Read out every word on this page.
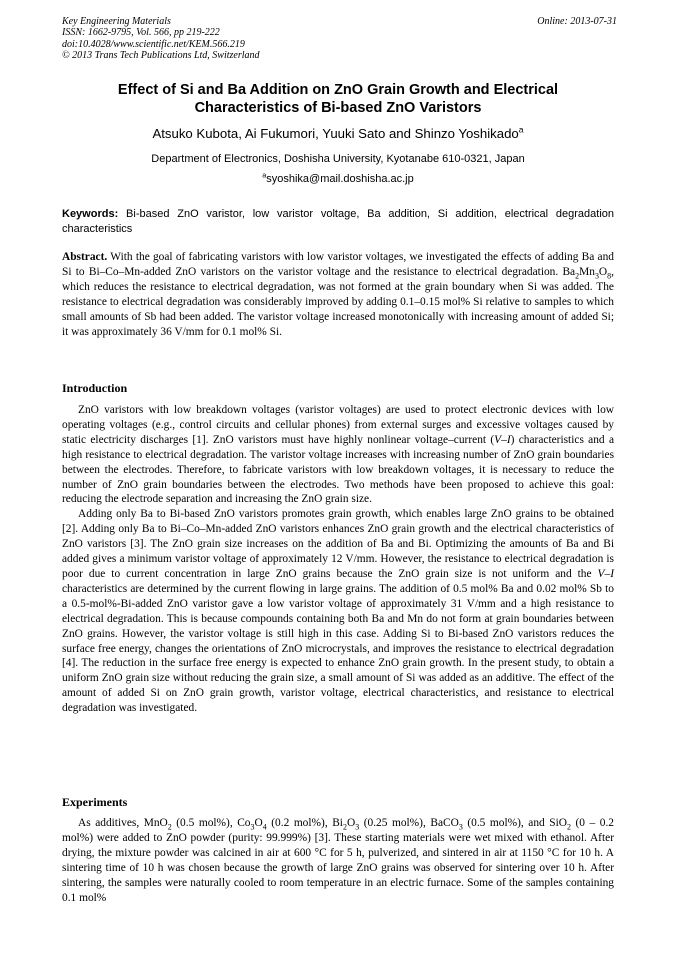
Key Engineering Materials
ISSN: 1662-9795, Vol. 566, pp 219-222
doi:10.4028/www.scientific.net/KEM.566.219
© 2013 Trans Tech Publications Ltd, Switzerland
Online: 2013-07-31
Effect of Si and Ba Addition on ZnO Grain Growth and Electrical
Characteristics of Bi-based ZnO Varistors
Atsuko Kubota, Ai Fukumori, Yuuki Sato and Shinzo Yoshikado$^a$
Department of Electronics, Doshisha University, Kyotanabe 610-0321, Japan
$^a$syoshika@mail.doshisha.ac.jp
Keywords: Bi-based ZnO varistor, low varistor voltage, Ba addition, Si addition, electrical degradation characteristics
Abstract. With the goal of fabricating varistors with low varistor voltages, we investigated the effects of adding Ba and Si to Bi–Co–Mn-added ZnO varistors on the varistor voltage and the resistance to electrical degradation. $Ba_2Mn_3O_8$, which reduces the resistance to electrical degradation, was not formed at the grain boundary when Si was added. The resistance to electrical degradation was considerably improved by adding 0.1–0.15 mol% Si relative to samples to which small amounts of Sb had been added. The varistor voltage increased monotonically with increasing amount of added Si; it was approximately 36 V/mm for 0.1 mol% Si.
Introduction

ZnO varistors with low breakdown voltages (varistor voltages) are used to protect electronic devices with low operating voltages (e.g., control circuits and cellular phones) from external surges and excessive voltages caused by static electricity discharges [1]. ZnO varistors must have highly nonlinear voltage–current (V–I) characteristics and a high resistance to electrical degradation. The varistor voltage increases with increasing number of ZnO grain boundaries between the electrodes. Therefore, to fabricate varistors with low breakdown voltages, it is necessary to reduce the number of ZnO grain boundaries between the electrodes. Two methods have been proposed to achieve this goal: reducing the electrode separation and increasing the ZnO grain size.

Adding only Ba to Bi-based ZnO varistors promotes grain growth, which enables large ZnO grains to be obtained [2]. Adding only Ba to Bi–Co–Mn-added ZnO varistors enhances ZnO grain growth and the electrical characteristics of ZnO varistors [3]. The ZnO grain size increases on the addition of Ba and Bi. Optimizing the amounts of Ba and Bi added gives a minimum varistor voltage of approximately 12 V/mm. However, the resistance to electrical degradation is poor due to current concentration in large ZnO grains because the ZnO grain size is not uniform and the V–I characteristics are determined by the current flowing in large grains. The addition of 0.5 mol% Ba and 0.02 mol% Sb to a 0.5-mol%-Bi-added ZnO varistor gave a low varistor voltage of approximately 31 V/mm and a high resistance to electrical degradation. This is because compounds containing both Ba and Mn do not form at grain boundaries between ZnO grains. However, the varistor voltage is still high in this case. Adding Si to Bi-based ZnO varistors reduces the surface free energy, changes the orientations of ZnO microcrystals, and improves the resistance to electrical degradation [4]. The reduction in the surface free energy is expected to enhance ZnO grain growth. In the present study, to obtain a uniform ZnO grain size without reducing the grain size, a small amount of Si was added as an additive. The effect of the amount of added Si on ZnO grain growth, varistor voltage, electrical characteristics, and resistance to electrical degradation was investigated.

Experiments

As additives, MnO$_2$ (0.5 mol%), $Co_3O_4$ (0.2 mol%), $Bi_2O_3$ (0.25 mol%), BaCO$_3$ (0.5 mol%), and SiO$_2$ (0 – 0.2 mol%) were added to ZnO powder (purity: 99.999%) [3]. These starting materials were wet mixed with ethanol. After drying, the mixture powder was calcined in air at 600 °C for 5 h, pulverized, and sintered in air at 1150 °C for 10 h. A sintering time of 10 h was chosen because the growth of large ZnO grains was observed for sintering over 10 h. After sintering, the samples were naturally cooled to room temperature in an electric furnace. Some of the samples containing 0.1 mol%
